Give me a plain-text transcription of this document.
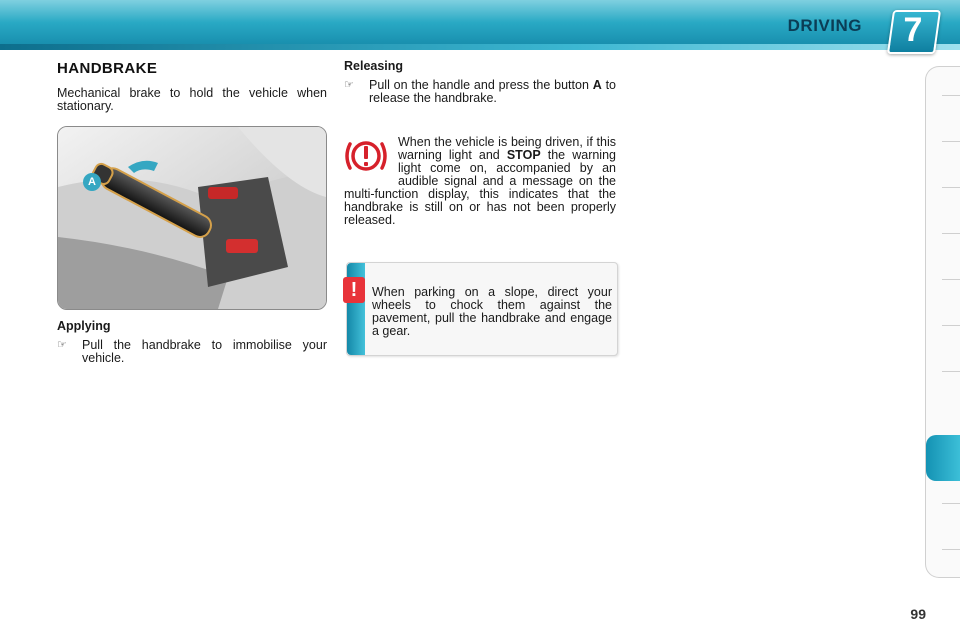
DRIVING 7
HANDBRAKE

Mechanical brake to hold the vehicle when stationary.

A

Applying

☞	Pull the handbrake to immobilise your vehicle.

Releasing

☞	Pull on the handle and press the button A to release the handbrake.
When the vehicle is being driven, if this warning light and STOP the warning light come on, accompanied by an audible signal and a message on the multi-function display, this indicates that the handbrake is still on or has not been properly released.
!	When parking on a slope, direct your wheels to chock them against the pavement, pull the handbrake and engage a gear.
99
